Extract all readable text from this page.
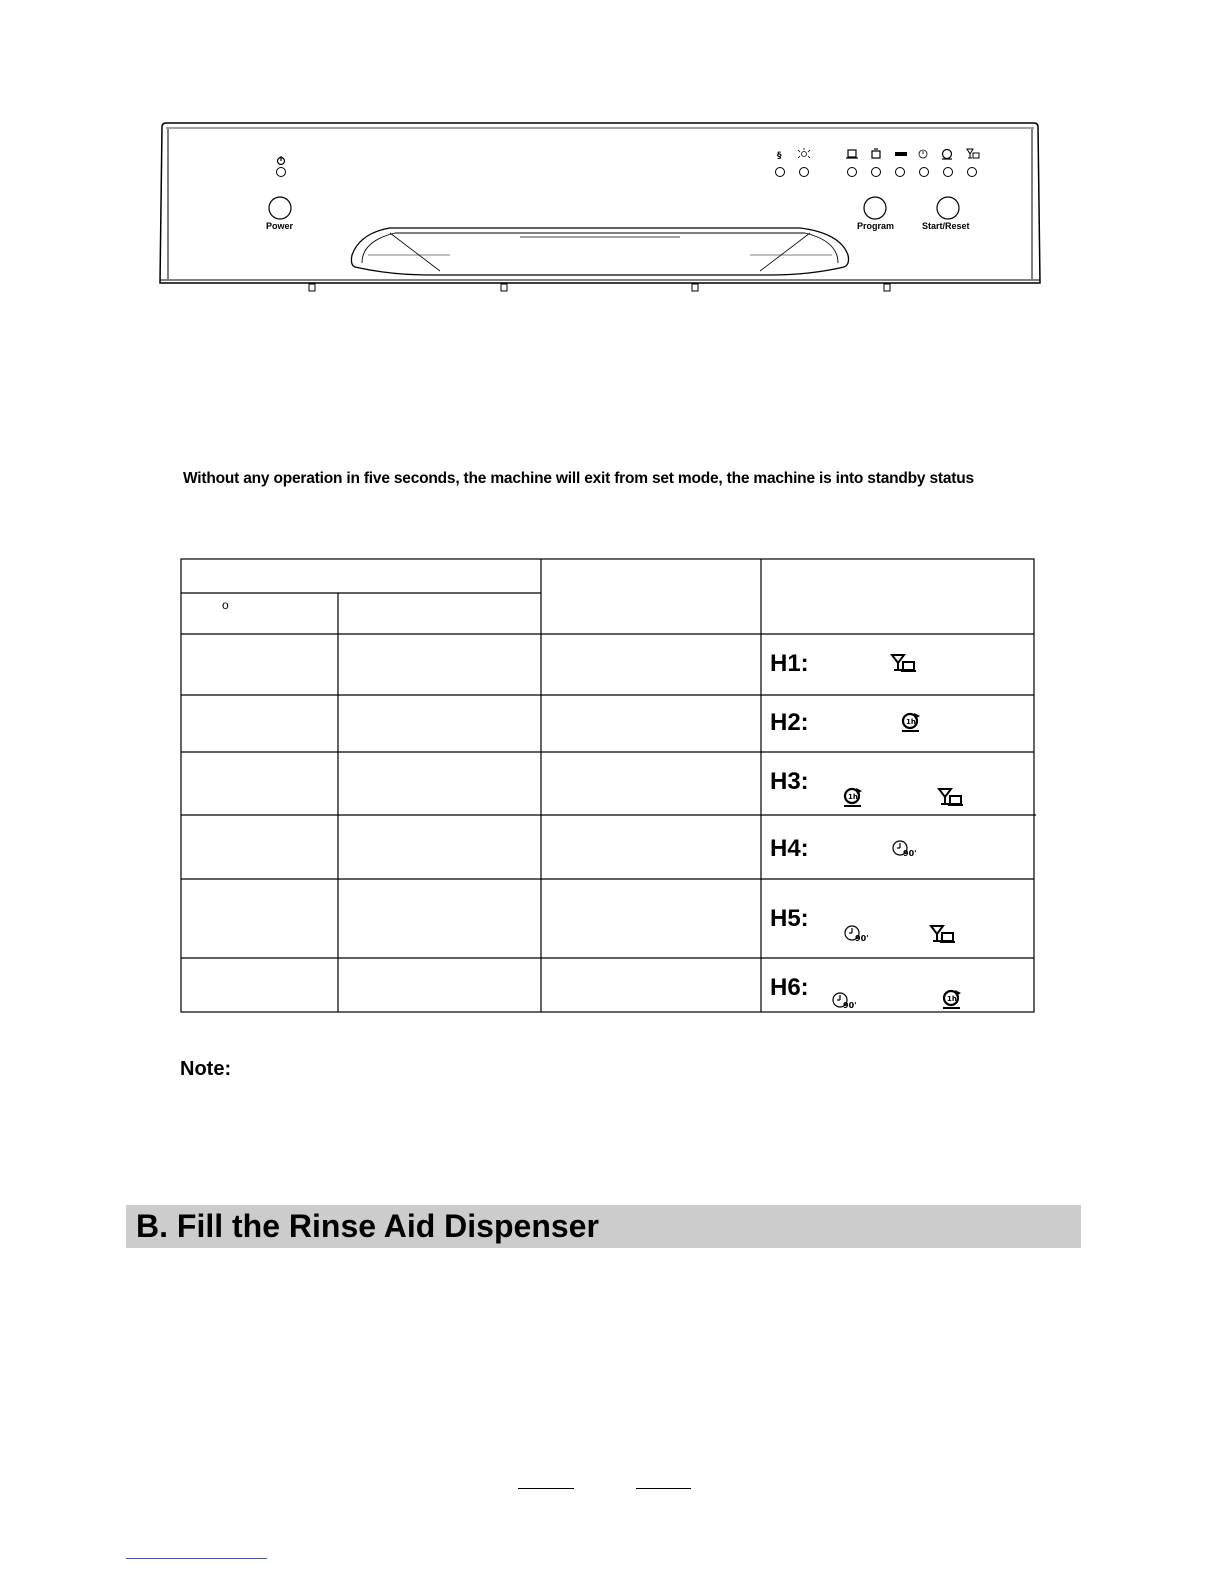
§
Power	Program	Start/Reset
Without any operation in five seconds, the machine will exit from set mode, the machine is into standby status
o
H1:
H2:
H3:
H4:
H5:
H6:
1h
90'
Note:
B. Fill the Rinse Aid Dispenser
